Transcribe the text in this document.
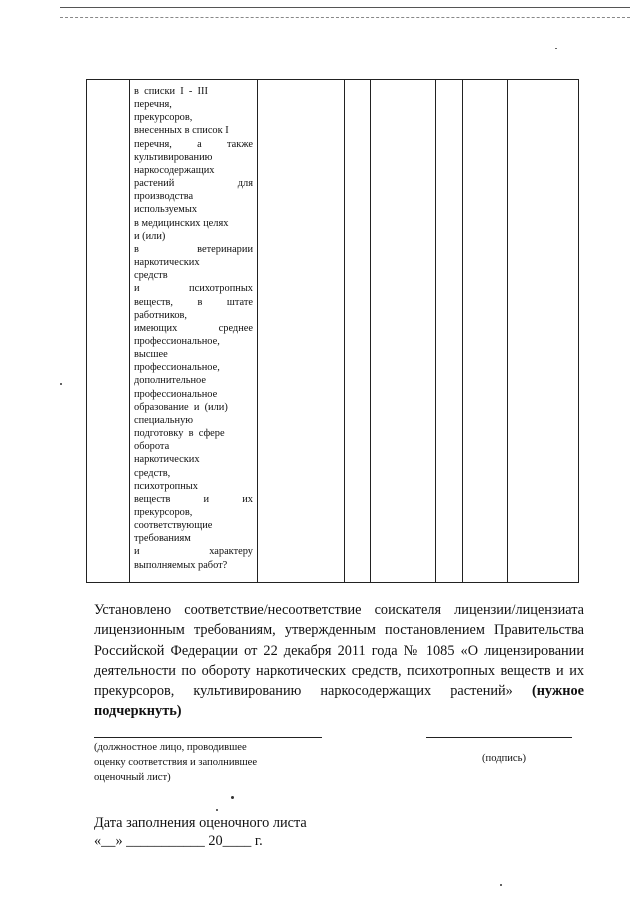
в  списки  I  -  III
перечня,
прекурсоров,
внесенных в список I
перечня, а также
культивированию
наркосодержащих
растений для
производства
используемых
в медицинских целях
и (или)
в ветеринарии
наркотических
средств
и психотропных
веществ, в штате
работников,
имеющих среднее
профессиональное,
высшее
профессиональное,
дополнительное
профессиональное
образование  и  (или)
специальную
подготовку  в  сфере
оборота
наркотических
средств,
психотропных
веществ и их
прекурсоров,
соответствующие
требованиям
и характеру
выполняемых работ?

Установлено соответствие/несоответствие соискателя лицензии/лицензиата
лицензионным требованиям, утвержденным постановлением Правительства
Российской Федерации от 22 декабря 2011 года № 1085 «О лицензировании
деятельности по обороту наркотических средств, психотропных веществ и их
прекурсоров, культивированию наркосодержащих растений» (нужное
подчеркнуть)
(должностное лицо, проводившее
оценку соответствия и заполнившее
оценочный лист)
(подпись)
Дата заполнения оценочного листа
«__» ___________ 20____ г.
